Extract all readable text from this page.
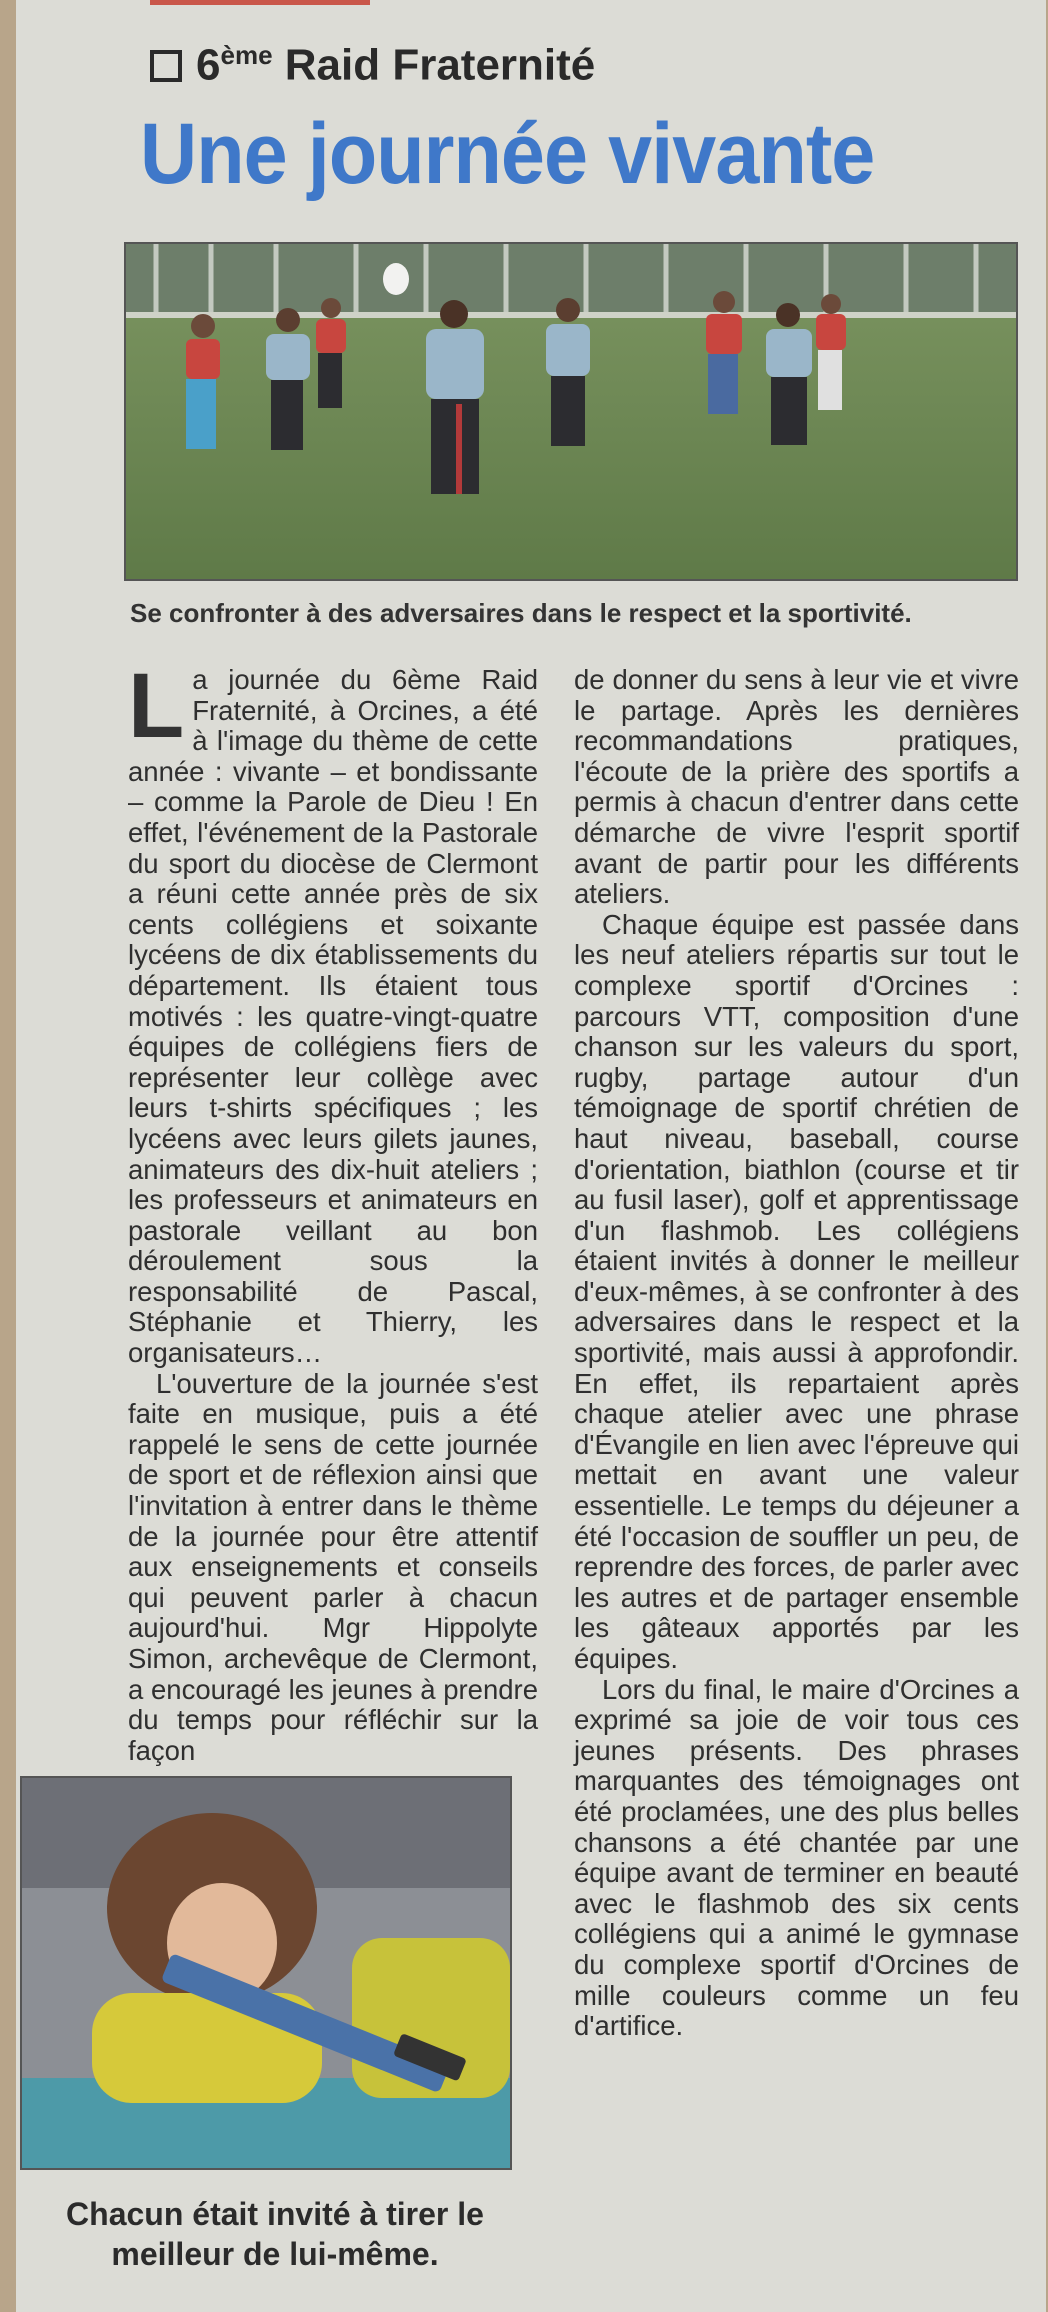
6ème Raid Fraternité
Une journée vivante
Se confronter à des adversaires dans le respect et la sportivité.

La journée du 6ème Raid Fraternité, à Orcines, a été à l'image du thème de cette année : vivante – et bondissante – comme la Parole de Dieu ! En effet, l'événement de la Pastorale du sport du diocèse de Clermont a réuni cette année près de six cents collégiens et soixante lycéens de dix établissements du département. Ils étaient tous motivés : les quatre-vingt-quatre équipes de collégiens fiers de représenter leur collège avec leurs t-shirts spécifiques ; les lycéens avec leurs gilets jaunes, animateurs des dix-huit ateliers ; les professeurs et animateurs en pastorale veillant au bon déroulement sous la responsabilité de Pascal, Stéphanie et Thierry, les organisateurs…

L'ouverture de la journée s'est faite en musique, puis a été rappelé le sens de cette journée de sport et de réflexion ainsi que l'invitation à entrer dans le thème de la journée pour être attentif aux enseignements et conseils qui peuvent parler à chacun aujourd'hui. Mgr Hippolyte Simon, archevêque de Clermont, a encouragé les jeunes à prendre du temps pour réfléchir sur la façon

de donner du sens à leur vie et vivre le partage. Après les dernières recommandations pratiques, l'écoute de la prière des sportifs a permis à chacun d'entrer dans cette démarche de vivre l'esprit sportif avant de partir pour les différents ateliers.

Chaque équipe est passée dans les neuf ateliers répartis sur tout le complexe sportif d'Orcines : parcours VTT, composition d'une chanson sur les valeurs du sport, rugby, partage autour d'un témoignage de sportif chrétien de haut niveau, baseball, course d'orientation, biathlon (course et tir au fusil laser), golf et apprentissage d'un flashmob. Les collégiens étaient invités à donner le meilleur d'eux-mêmes, à se confronter à des adversaires dans le respect et la sportivité, mais aussi à approfondir. En effet, ils repartaient après chaque atelier avec une phrase d'Évangile en lien avec l'épreuve qui mettait en avant une valeur essentielle. Le temps du déjeuner a été l'occasion de souffler un peu, de reprendre des forces, de parler avec les autres et de partager ensemble les gâteaux apportés par les équipes.

Lors du final, le maire d'Orcines a exprimé sa joie de voir tous ces jeunes présents. Des phrases marquantes des témoignages ont été proclamées, une des plus belles chansons a été chantée par une équipe avant de terminer en beauté avec le flashmob des six cents collégiens qui a animé le gymnase du complexe sportif d'Orcines de mille couleurs comme un feu d'artifice.

Chacun était invité à tirer le meilleur de lui-même.
